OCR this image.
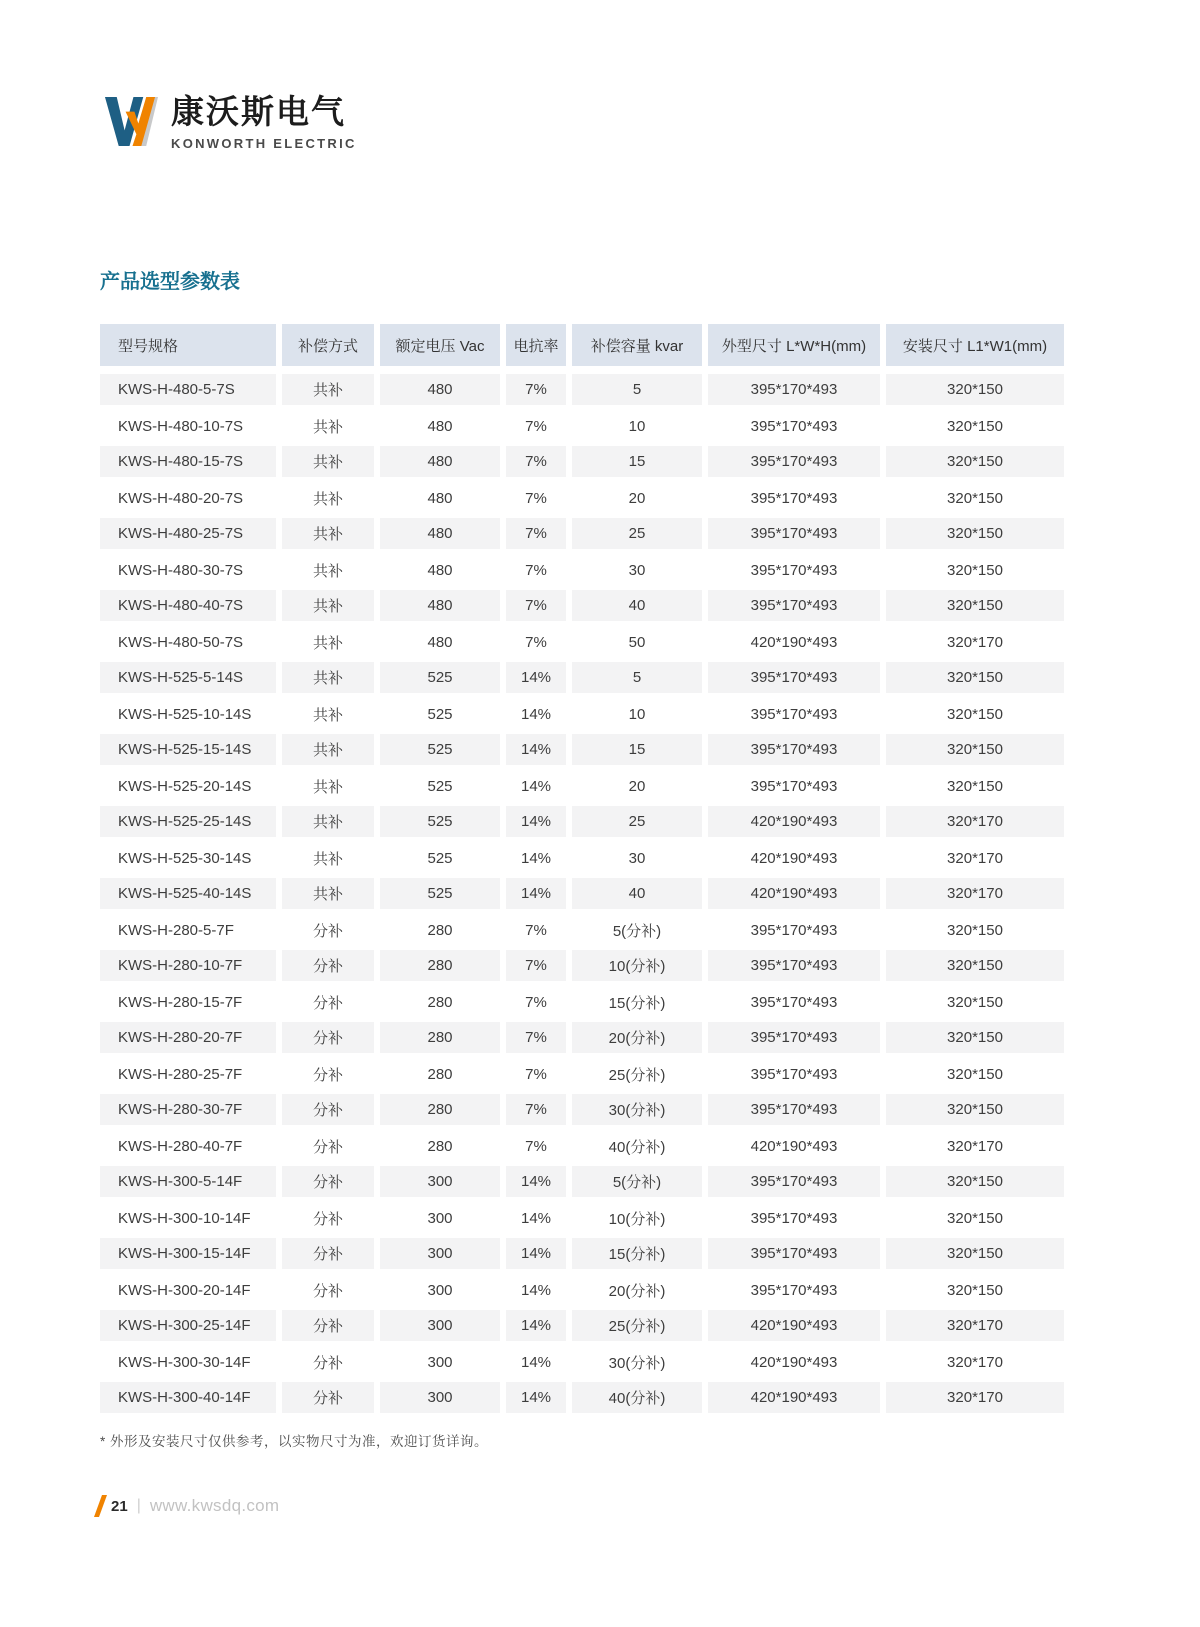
康沃斯电气
KONWORTH ELECTRIC
产品选型参数表
型号规格	补偿方式	额定电压 Vac	电抗率	补偿容量 kvar	外型尺寸 L*W*H(mm)	安装尺寸 L1*W1(mm)
KWS-H-480-5-7S	共补	480	7%	5	395*170*493	320*150
KWS-H-480-10-7S	共补	480	7%	10	395*170*493	320*150
KWS-H-480-15-7S	共补	480	7%	15	395*170*493	320*150
KWS-H-480-20-7S	共补	480	7%	20	395*170*493	320*150
KWS-H-480-25-7S	共补	480	7%	25	395*170*493	320*150
KWS-H-480-30-7S	共补	480	7%	30	395*170*493	320*150
KWS-H-480-40-7S	共补	480	7%	40	395*170*493	320*150
KWS-H-480-50-7S	共补	480	7%	50	420*190*493	320*170
KWS-H-525-5-14S	共补	525	14%	5	395*170*493	320*150
KWS-H-525-10-14S	共补	525	14%	10	395*170*493	320*150
KWS-H-525-15-14S	共补	525	14%	15	395*170*493	320*150
KWS-H-525-20-14S	共补	525	14%	20	395*170*493	320*150
KWS-H-525-25-14S	共补	525	14%	25	420*190*493	320*170
KWS-H-525-30-14S	共补	525	14%	30	420*190*493	320*170
KWS-H-525-40-14S	共补	525	14%	40	420*190*493	320*170
KWS-H-280-5-7F	分补	280	7%	5(分补)	395*170*493	320*150
KWS-H-280-10-7F	分补	280	7%	10(分补)	395*170*493	320*150
KWS-H-280-15-7F	分补	280	7%	15(分补)	395*170*493	320*150
KWS-H-280-20-7F	分补	280	7%	20(分补)	395*170*493	320*150
KWS-H-280-25-7F	分补	280	7%	25(分补)	395*170*493	320*150
KWS-H-280-30-7F	分补	280	7%	30(分补)	395*170*493	320*150
KWS-H-280-40-7F	分补	280	7%	40(分补)	420*190*493	320*170
KWS-H-300-5-14F	分补	300	14%	5(分补)	395*170*493	320*150
KWS-H-300-10-14F	分补	300	14%	10(分补)	395*170*493	320*150
KWS-H-300-15-14F	分补	300	14%	15(分补)	395*170*493	320*150
KWS-H-300-20-14F	分补	300	14%	20(分补)	395*170*493	320*150
KWS-H-300-25-14F	分补	300	14%	25(分补)	420*190*493	320*170
KWS-H-300-30-14F	分补	300	14%	30(分补)	420*190*493	320*170
KWS-H-300-40-14F	分补	300	14%	40(分补)	420*190*493	320*170
* 外形及安装尺寸仅供参考，以实物尺寸为准，欢迎订货详询。
21 | www.kwsdq.com
